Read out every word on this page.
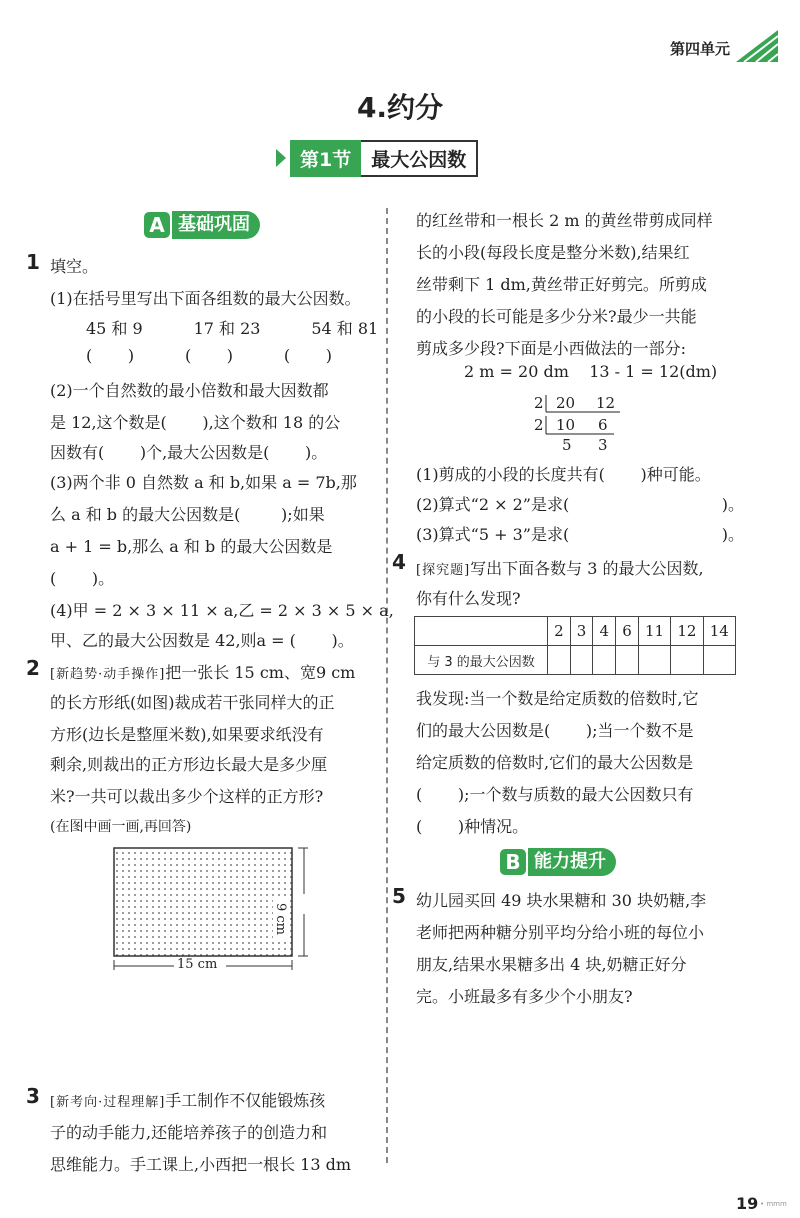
第四单元
4.约分
第1节	最大公因数
A 基础巩固
1 填空。
(1)在括号里写出下面各组数的最大公因数。
45 和 9          17 和 23          54 和 81
(       )          (       )          (       )
(2)一个自然数的最小倍数和最大因数都
是 12,这个数是(       ),这个数和 18 的公
因数有(       )个,最大公因数是(       )。
(3)两个非 0 自然数 a 和 b,如果 a = 7b,那
么 a 和 b 的最大公因数是(        );如果
a + 1 = b,那么 a 和 b 的最大公因数是
(       )。
(4)甲 = 2 × 3 × 11 × a,乙 = 2 × 3 × 5 × a,
甲、乙的最大公因数是 42,则a = (       )。
2 [新趋势·动手操作]把一张长 15 cm、宽9 cm
的长方形纸(如图)裁成若干张同样大的正
方形(边长是整厘米数),如果要求纸没有
剩余,则裁出的正方形边长最大是多少厘
米?一共可以裁出多少个这样的正方形?
(在图中画一画,再回答)
15 cm
9 cm
3 [新考向·过程理解]手工制作不仅能锻炼孩
子的动手能力,还能培养孩子的创造力和
思维能力。手工课上,小西把一根长 13 dm
的红丝带和一根长 2 m 的黄丝带剪成同样
长的小段(每段长度是整分米数),结果红
丝带剩下 1 dm,黄丝带正好剪完。所剪成
的小段的长可能是多少分米?最少一共能
剪成多少段?下面是小西做法的一部分:
2 m = 20 dm    13 - 1 = 12(dm)
2 20 12
2 10 6
5 3
(1)剪成的小段的长度共有(       )种可能。
(2)算式“2 × 2”是求(                              )。
(3)算式“5 + 3”是求(                              )。
4 [探究题]写出下面各数与 3 的最大公因数,
你有什么发现?
	2	3	4	6	11	12	14
与 3 的最大公因数							
我发现:当一个数是给定质数的倍数时,它
们的最大公因数是(       );当一个数不是
给定质数的倍数时,它们的最大公因数是
(       );一个数与质数的最大公因数只有
(       )种情况。
B 能力提升
5 幼儿园买回 49 块水果糖和 30 块奶糖,李
老师把两种糖分别平均分给小班的每位小
朋友,结果水果糖多出 4 块,奶糖正好分
完。小班最多有多少个小朋友?
19 • mmm
